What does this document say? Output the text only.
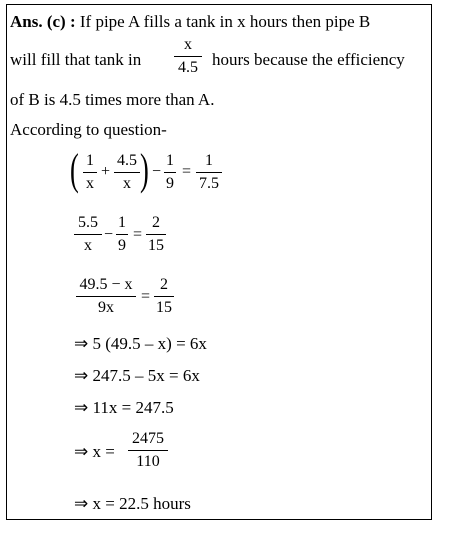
Ans. (c) : If pipe A fills a tank in x hours then pipe B
will fill that tank in
x
4.5 hours because the efficiency
of B is 4.5 times more than A.
According to question-
( 1
x
+
4.5
x ) −
1
9
=
1
7.5
5.5
x
−
1
9
=
2
15
49.5 − x
9x
=
2
15
⇒ 5 (49.5 – x) = 6x
⇒ 247.5 – 5x = 6x
⇒ 11x = 247.5
⇒ x =
2475
110
⇒ x = 22.5 hours
